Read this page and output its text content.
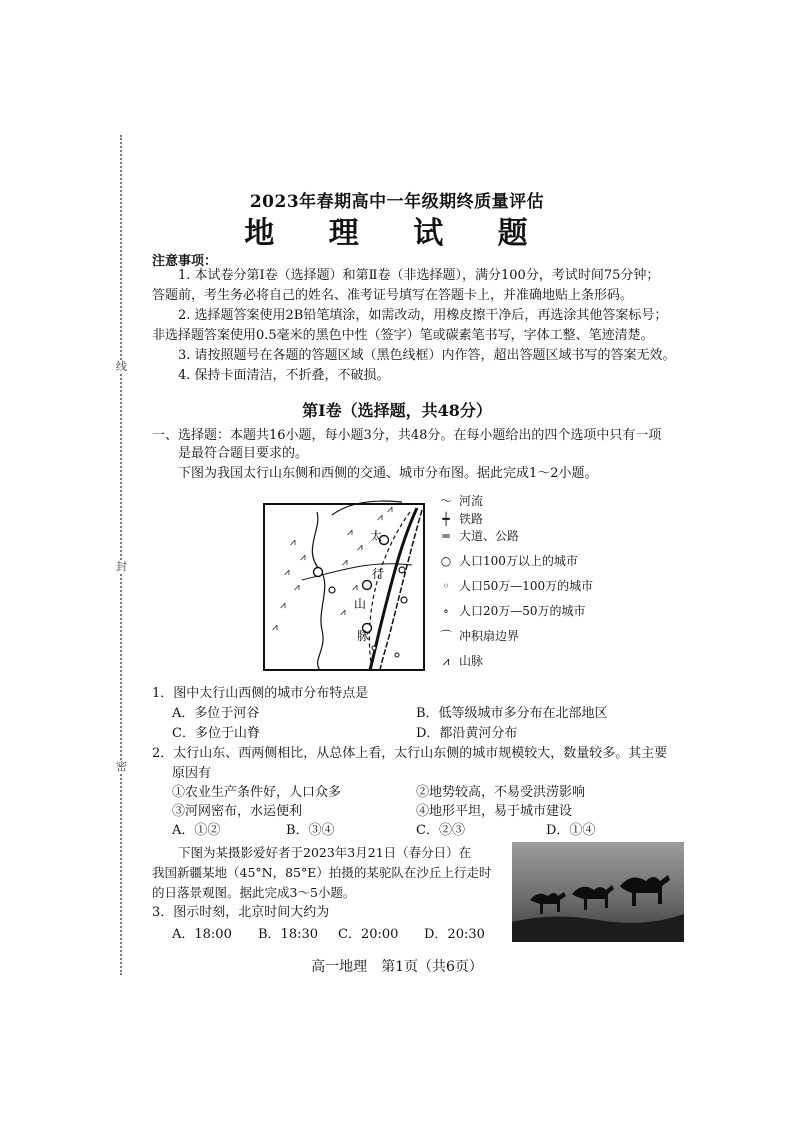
线
封
密
2023年春期高中一年级期终质量评估
地 理 试 题
注意事项：
1. 本试卷分第Ⅰ卷（选择题）和第Ⅱ卷（非选择题），满分100分，考试时间75分钟；
答题前，考生务必将自己的姓名、准考证号填写在答题卡上，并准确地贴上条形码。
2. 选择题答案使用2B铅笔填涂，如需改动，用橡皮擦干净后，再选涂其他答案标号；
非选择题答案使用0.5毫米的黑色中性（签字）笔或碳素笔书写，字体工整、笔迹清楚。
3. 请按照题号在各题的答题区域（黑色线框）内作答，超出答题区域书写的答案无效。
4. 保持卡面清洁，不折叠，不破损。
第Ⅰ卷（选择题，共48分）
一、选择题：本题共16小题，每小题3分，共48分。在每小题给出的四个选项中只有一项
是最符合题目要求的。
下图为我国太行山东侧和西侧的交通、城市分布图。据此完成1～2小题。
⩘
⩘
⩘
⩘
⩘
⩘
⩘
⩘
⩘
⩘
⩘
⩘
⩘
太
行
山
脉
〜 河流
┿ 铁路
═ 大道、公路
○ 人口100万以上的城市
◦ 人口50万—100万的城市
∘ 人口20万—50万的城市
⌒ 冲积扇边界
⩘ 山脉
1．图中太行山西侧的城市分布特点是
A．多位于河谷	B．低等级城市多分布在北部地区
C．多位于山脊	D．都沿黄河分布
2．太行山东、西两侧相比，从总体上看，太行山东侧的城市规模较大，数量较多。其主要
原因有
①农业生产条件好，人口众多	②地势较高，不易受洪涝影响
③河网密布，水运便利	④地形平坦，易于城市建设
A．①②	B．③④	C．②③	D．①④
下图为某摄影爱好者于2023年3月21日（春分日）在
我国新疆某地（45°N，85°E）拍摄的某驼队在沙丘上行走时
的日落景观图。据此完成3～5小题。
3．图示时刻，北京时间大约为
A．18:00 B．18:30 C．20:00 D．20:30
高一地理　第1页（共6页）
